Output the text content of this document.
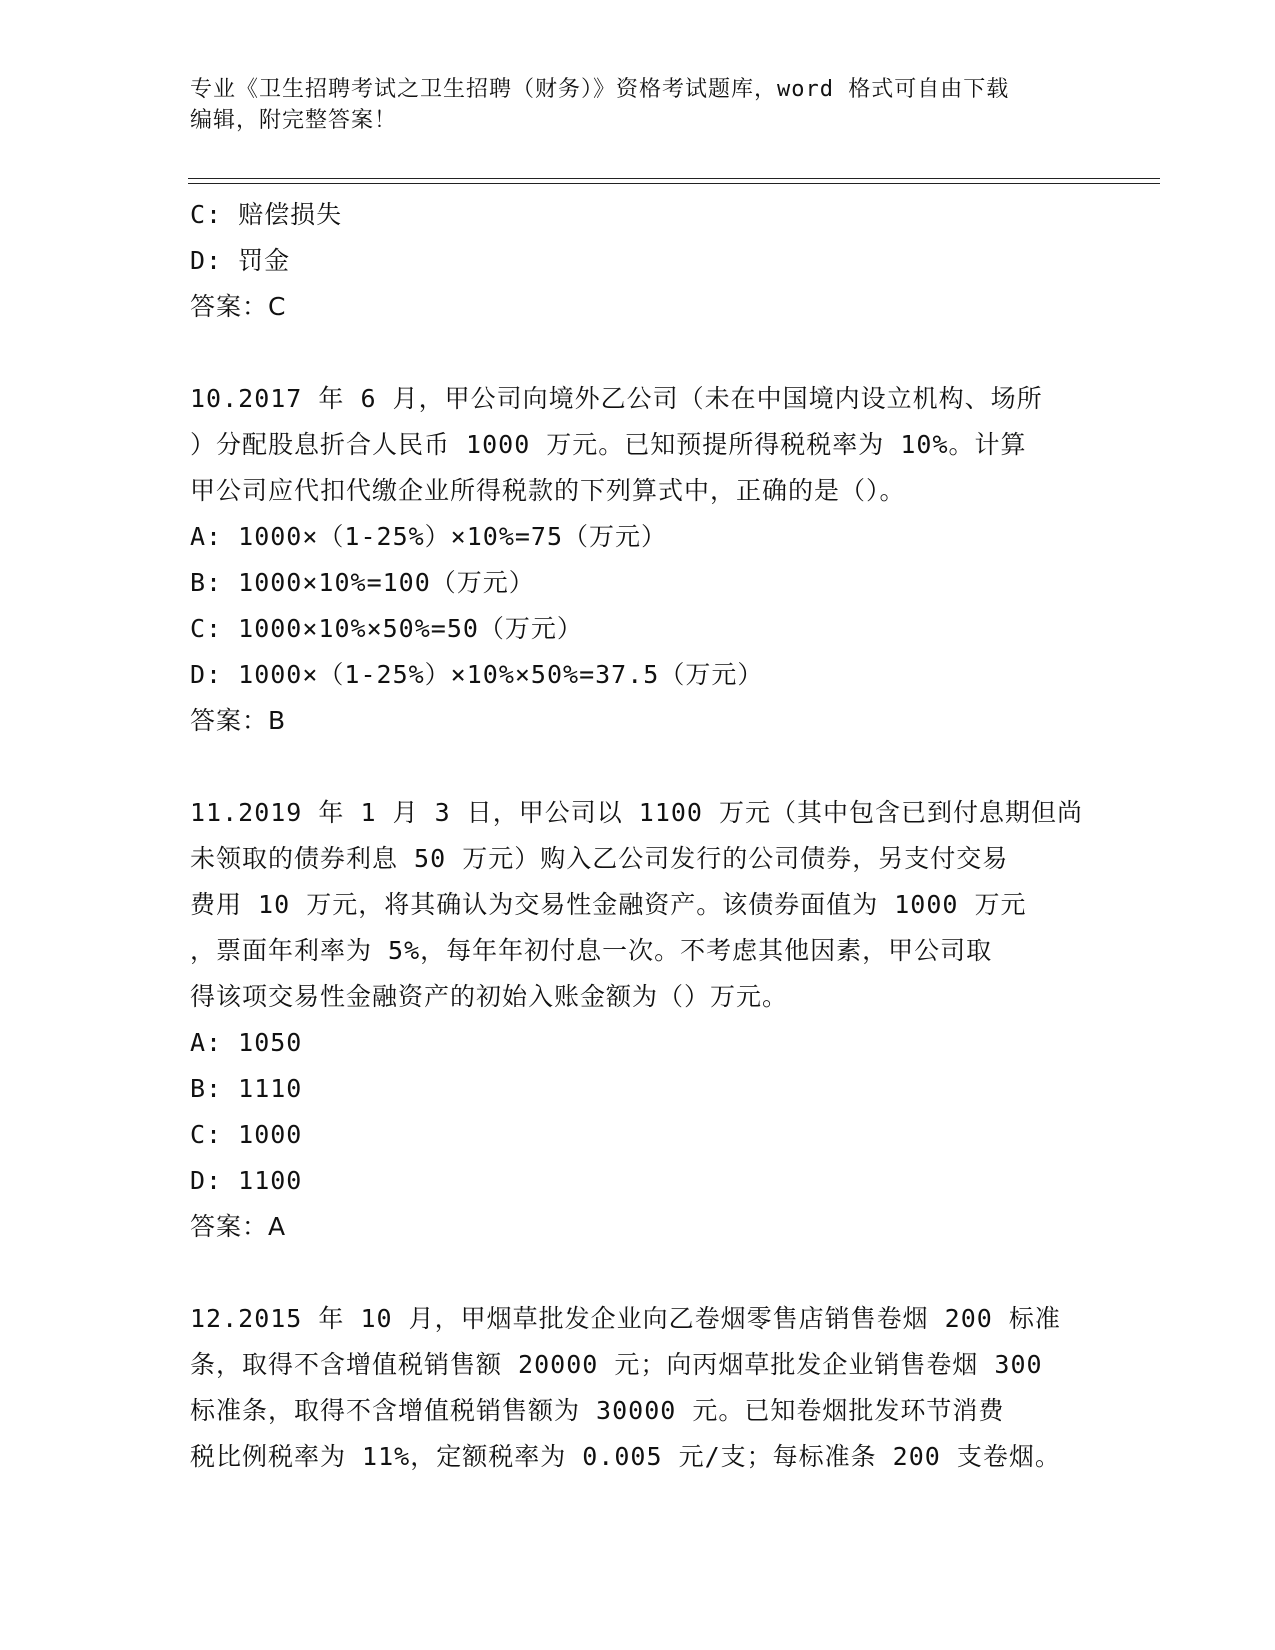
专业《卫生招聘考试之卫生招聘（财务）》资格考试题库，word 格式可自由下载
编辑，附完整答案！
C: 赔偿损失
D: 罚金
答案：C
10.2017 年 6 月，甲公司向境外乙公司（未在中国境内设立机构、场所
）分配股息折合人民币 1000 万元。已知预提所得税税率为 10%。计算
甲公司应代扣代缴企业所得税款的下列算式中，正确的是（）。
A: 1000×（1-25%）×10%=75（万元）
B: 1000×10%=100（万元）
C: 1000×10%×50%=50（万元）
D: 1000×（1-25%）×10%×50%=37.5（万元）
答案：B
11.2019 年 1 月 3 日，甲公司以 1100 万元（其中包含已到付息期但尚
未领取的债券利息 50 万元）购入乙公司发行的公司债券，另支付交易
费用 10 万元，将其确认为交易性金融资产。该债券面值为 1000 万元
，票面年利率为 5%，每年年初付息一次。不考虑其他因素，甲公司取
得该项交易性金融资产的初始入账金额为（）万元。
A: 1050
B: 1110
C: 1000
D: 1100
答案：A
12.2015 年 10 月，甲烟草批发企业向乙卷烟零售店销售卷烟 200 标准
条，取得不含增值税销售额 20000 元；向丙烟草批发企业销售卷烟 300
标准条，取得不含增值税销售额为 30000 元。已知卷烟批发环节消费
税比例税率为 11%，定额税率为 0.005 元/支；每标准条 200 支卷烟。
